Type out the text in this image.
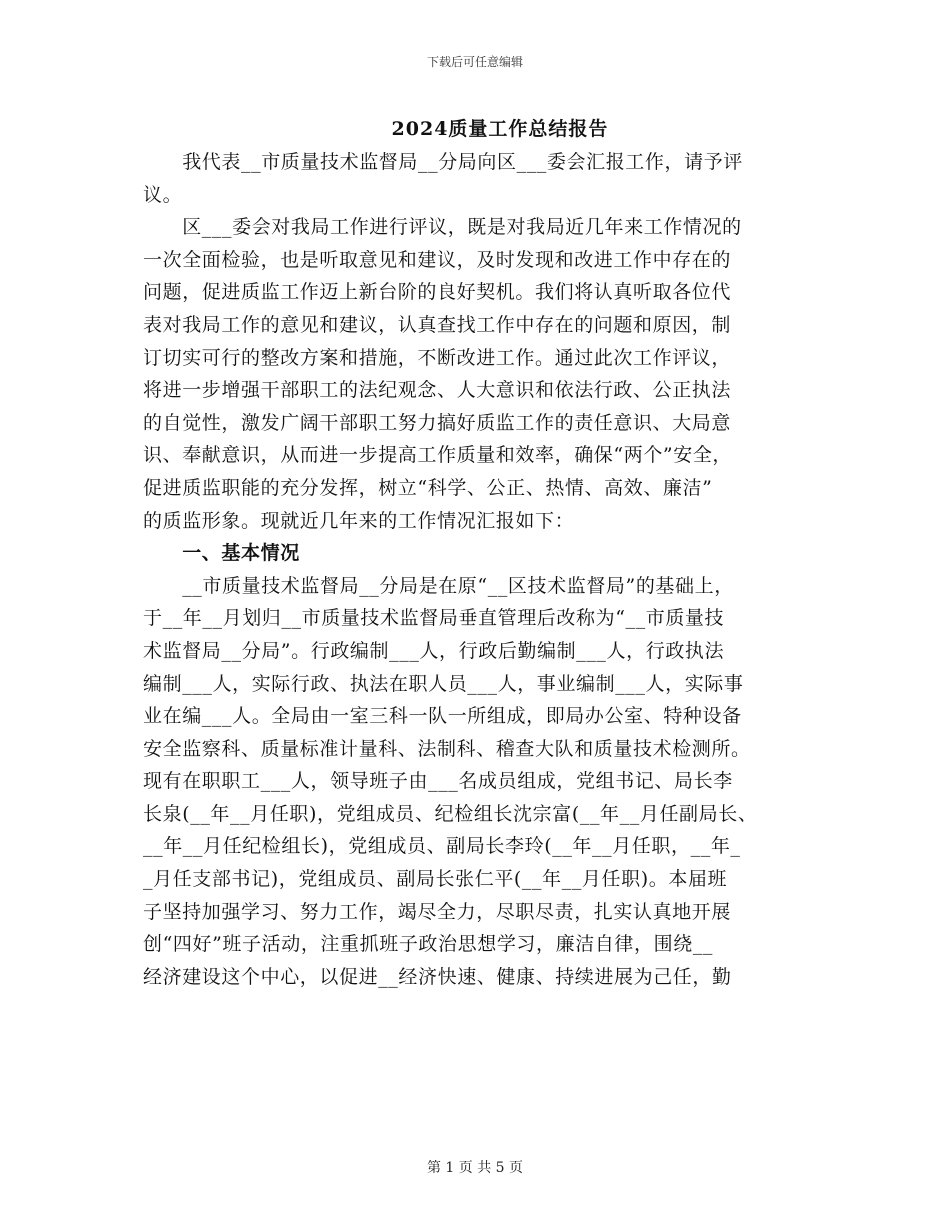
下载后可任意编辑
2024质量工作总结报告
　　我代表__市质量技术监督局__分局向区___委会汇报工作，请予评
议。
　　区___委会对我局工作进行评议，既是对我局近几年来工作情况的
一次全面检验，也是听取意见和建议，及时发现和改进工作中存在的
问题，促进质监工作迈上新台阶的良好契机。我们将认真听取各位代
表对我局工作的意见和建议，认真查找工作中存在的问题和原因，制
订切实可行的整改方案和措施，不断改进工作。通过此次工作评议，
将进一步增强干部职工的法纪观念、人大意识和依法行政、公正执法
的自觉性，激发广阔干部职工努力搞好质监工作的责任意识、大局意
识、奉献意识，从而进一步提高工作质量和效率，确保“两个”安全，
促进质监职能的充分发挥，树立“科学、公正、热情、高效、廉洁”
的质监形象。现就近几年来的工作情况汇报如下：
　　一、基本情况
　　__市质量技术监督局__分局是在原“__区技术监督局”的基础上，
于__年__月划归__市质量技术监督局垂直管理后改称为“__市质量技
术监督局__分局”。行政编制___人，行政后勤编制___人，行政执法
编制___人，实际行政、执法在职人员___人，事业编制___人，实际事
业在编___人。全局由一室三科一队一所组成，即局办公室、特种设备
安全监察科、质量标准计量科、法制科、稽查大队和质量技术检测所。
现有在职职工___人，领导班子由___名成员组成，党组书记、局长李
长泉(__年__月任职)，党组成员、纪检组长沈宗富(__年__月任副局长、
__年__月任纪检组长)，党组成员、副局长李玲(__年__月任职，__年_
_月任支部书记)，党组成员、副局长张仁平(__年__月任职)。本届班
子坚持加强学习、努力工作，竭尽全力，尽职尽责，扎实认真地开展
创“四好”班子活动，注重抓班子政治思想学习，廉洁自律，围绕__
经济建设这个中心，以促进__经济快速、健康、持续进展为己任，勤
第 1 页 共 5 页
